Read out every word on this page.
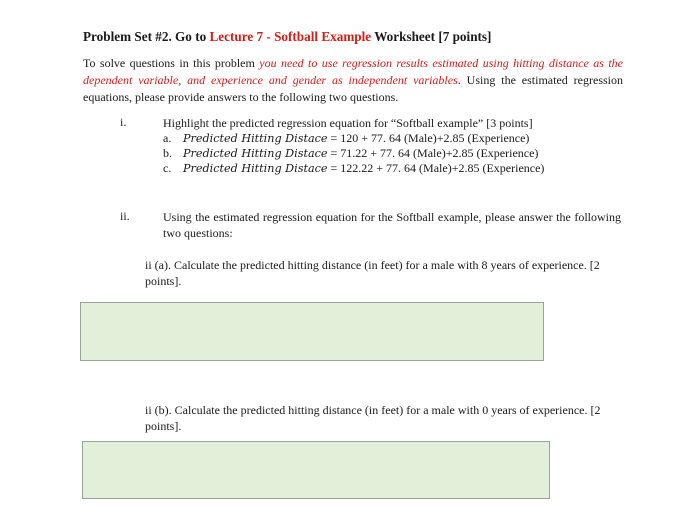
Problem Set #2. Go to Lecture 7 - Softball Example Worksheet [7 points]
To solve questions in this problem you need to use regression results estimated using hitting distance as the dependent variable, and experience and gender as independent variables. Using the estimated regression equations, please provide answers to the following two questions.
i.	Highlight the predicted regression equation for “Softball example” [3 points]
a. Predicted Hitting Distace = 120 + 77. 64 (Male)+2.85 (Experience)
b. Predicted Hitting Distace = 71.22 + 77. 64 (Male)+2.85 (Experience)
c. Predicted Hitting Distace = 122.22 + 77. 64 (Male)+2.85 (Experience)
ii.	Using the estimated regression equation for the Softball example, please answer the following two questions:
ii (a). Calculate the predicted hitting distance (in feet) for a male with 8 years of experience. [2 points].
ii (b). Calculate the predicted hitting distance (in feet) for a male with 0 years of experience. [2 points].
